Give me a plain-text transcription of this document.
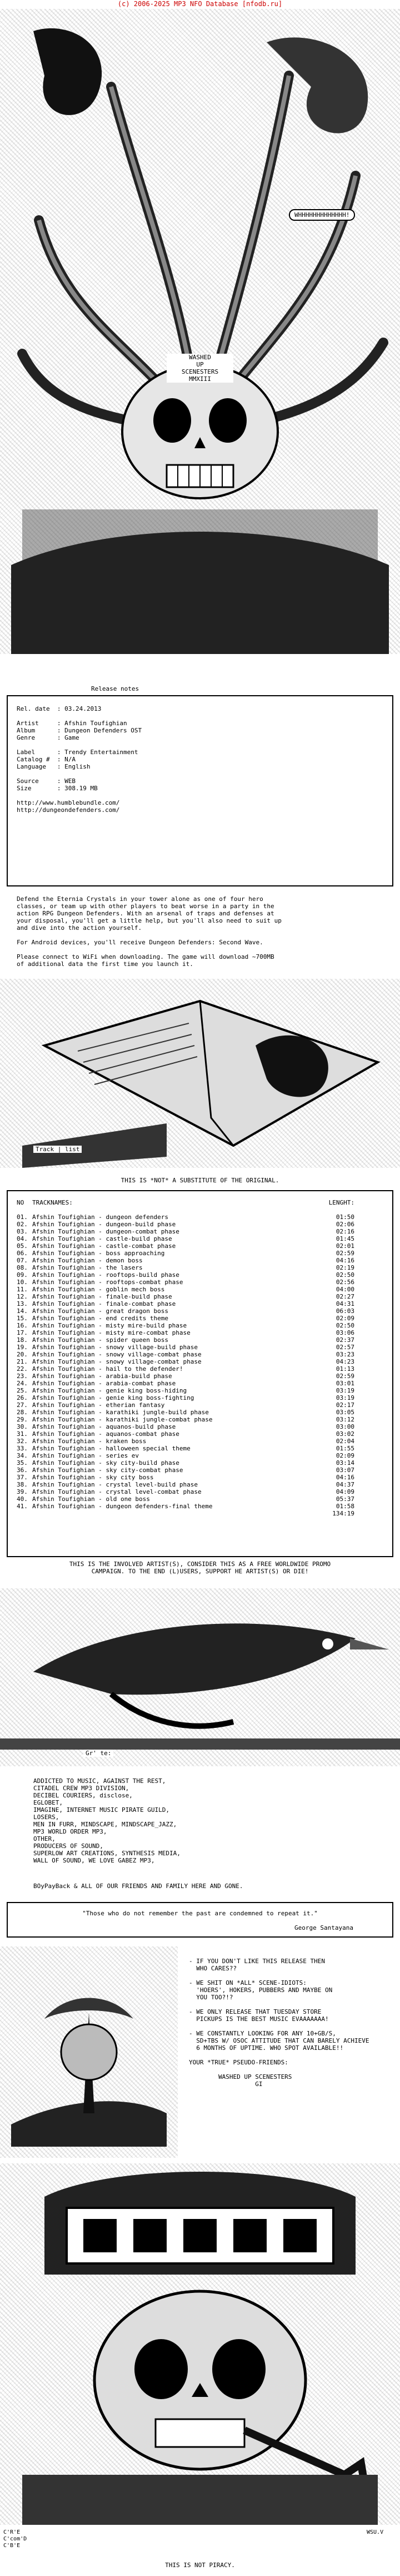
(c) 2006-2025 MP3 NFO Database [nfodb.ru]
WHHHHHHHHHHHHH!
WASHED
UP
SCENESTERS
MMXIII
Release notes
Rel. date  : 03.24.2013
Artist     : Afshin Toufighian
Album      : Dungeon Defenders OST
Genre      : Game
Label      : Trendy Entertainment
Catalog #  : N/A
Language   : English
Source     : WEB
Size       : 308.19 MB
http://www.humblebundle.com/
http://dungeondefenders.com/
Defend the Eternia Crystals in your tower alone as one of four hero
classes, or team up with other players to beat worse in a party in the
action RPG Dungeon Defenders. With an arsenal of traps and defenses at
your disposal, you'll get a little help, but you'll also need to suit up
and dive into the action yourself.
For Android devices, you'll receive Dungeon Defenders: Second Wave.
Please connect to WiFi when downloading. The game will download ~700MB
of additional data the first time you launch it.
Track | list
THIS IS *NOT* A SUBSTITUTE OF THE ORIGINAL.
NO	TRACKNAMES:	LENGHT:
01. Afshin Toufighian - dungeon defenders	01:50
02. Afshin Toufighian - dungeon-build phase	02:06
03. Afshin Toufighian - dungeon-combat phase	02:16
04. Afshin Toufighian - castle-build phase	01:45
05. Afshin Toufighian - castle-combat phase	02:01
06. Afshin Toufighian - boss approaching	02:59
07. Afshin Toufighian - demon boss	04:16
08. Afshin Toufighian - the lasers	02:19
09. Afshin Toufighian - rooftops-build phase	02:50
10. Afshin Toufighian - rooftops-combat phase	02:56
11. Afshin Toufighian - goblin mech boss	04:00
12. Afshin Toufighian - finale-build phase	02:27
13. Afshin Toufighian - finale-combat phase	04:31
14. Afshin Toufighian - great dragon boss	06:03
15. Afshin Toufighian - end credits theme	02:09
16. Afshin Toufighian - misty mire-build phase	02:50
17. Afshin Toufighian - misty mire-combat phase	03:06
18. Afshin Toufighian - spider queen boss	02:37
19. Afshin Toufighian - snowy village-build phase	02:57
20. Afshin Toufighian - snowy village-combat phase	03:23
21. Afshin Toufighian - snowy village-combat phase	04:23
22. Afshin Toufighian - hail to the defender!	01:13
23. Afshin Toufighian - arabia-build phase	02:59
24. Afshin Toufighian - arabia-combat phase	03:01
25. Afshin Toufighian - genie king boss-hiding	03:19
26. Afshin Toufighian - genie king boss-fighting	03:19
27. Afshin Toufighian - etherian fantasy	02:17
28. Afshin Toufighian - karathiki jungle-build phase	03:05
29. Afshin Toufighian - karathiki jungle-combat phase	03:12
30. Afshin Toufighian - aquanos-build phase	03:00
31. Afshin Toufighian - aquanos-combat phase	03:02
32. Afshin Toufighian - kraken boss	02:04
33. Afshin Toufighian - halloween special theme	01:55
34. Afshin Toufighian - series ev	02:09
35. Afshin Toufighian - sky city-build phase	03:14
36. Afshin Toufighian - sky city-combat phase	03:07
37. Afshin Toufighian - sky city boss	04:16
38. Afshin Toufighian - crystal level-build phase	04:37
39. Afshin Toufighian - crystal level-combat phase	04:09
40. Afshin Toufighian - old one boss	05:37
41. Afshin Toufighian - dungeon defenders-final theme	01:58
134:19
THIS IS THE INVOLVED ARTIST(S), CONSIDER THIS AS A FREE WORLDWIDE PROMO
CAMPAIGN. TO THE END (L)USERS, SUPPORT HE ARTIST(S) OR DIE!
Gr' te:
ADDICTED TO MUSIC, AGAINST THE REST,
CITADEL CREW MP3 DIVISION,
DECIBEL COURIERS, disclose,
EGLOBET,
IMAGINE, INTERNET MUSIC PIRATE GUILD,
LOSERS,
MEN IN FURR, MINDSCAPE, MINDSCAPE_JAZZ,
MP3 WORLD ORDER MP3,
OTHER,
PRODUCERS OF SOUND,
SUPERLOW ART CREATIONS, SYNTHESIS MEDIA,
WALL OF SOUND, WE LOVE GABEZ MP3,
BOyPayBack & ALL OF OUR FRIENDS AND FAMILY HERE AND GONE.
"Those who do not remember the past are condemned to repeat it."
George Santayana
- IF YOU DON'T LIKE THIS RELEASE THEN
WHO CARES??

- WE SHIT ON *ALL* SCENE-IDIOTS:
'HOERS', HOKERS, PUBBERS AND MAYBE ON
YOU TOO?!?

- WE ONLY RELEASE THAT TUESDAY STORE
PICKUPS IS THE BEST MUSIC EVAAAAAAA!

- WE CONSTANTLY LOOKING FOR ANY 10+GB/S,
SD+TBS W/ OSOC ATTITUDE THAT CAN BARELY ACHIEVE
6 MONTHS OF UPTIME. WHO SPOT AVAILABLE!!

YOUR *TRUE* PSEUDO-FRIENDS:

WASHED UP SCENESTERS
GI
C'R'E
C'com'D
C'B'E
WSU.V
THIS IS NOT PIRACY.
